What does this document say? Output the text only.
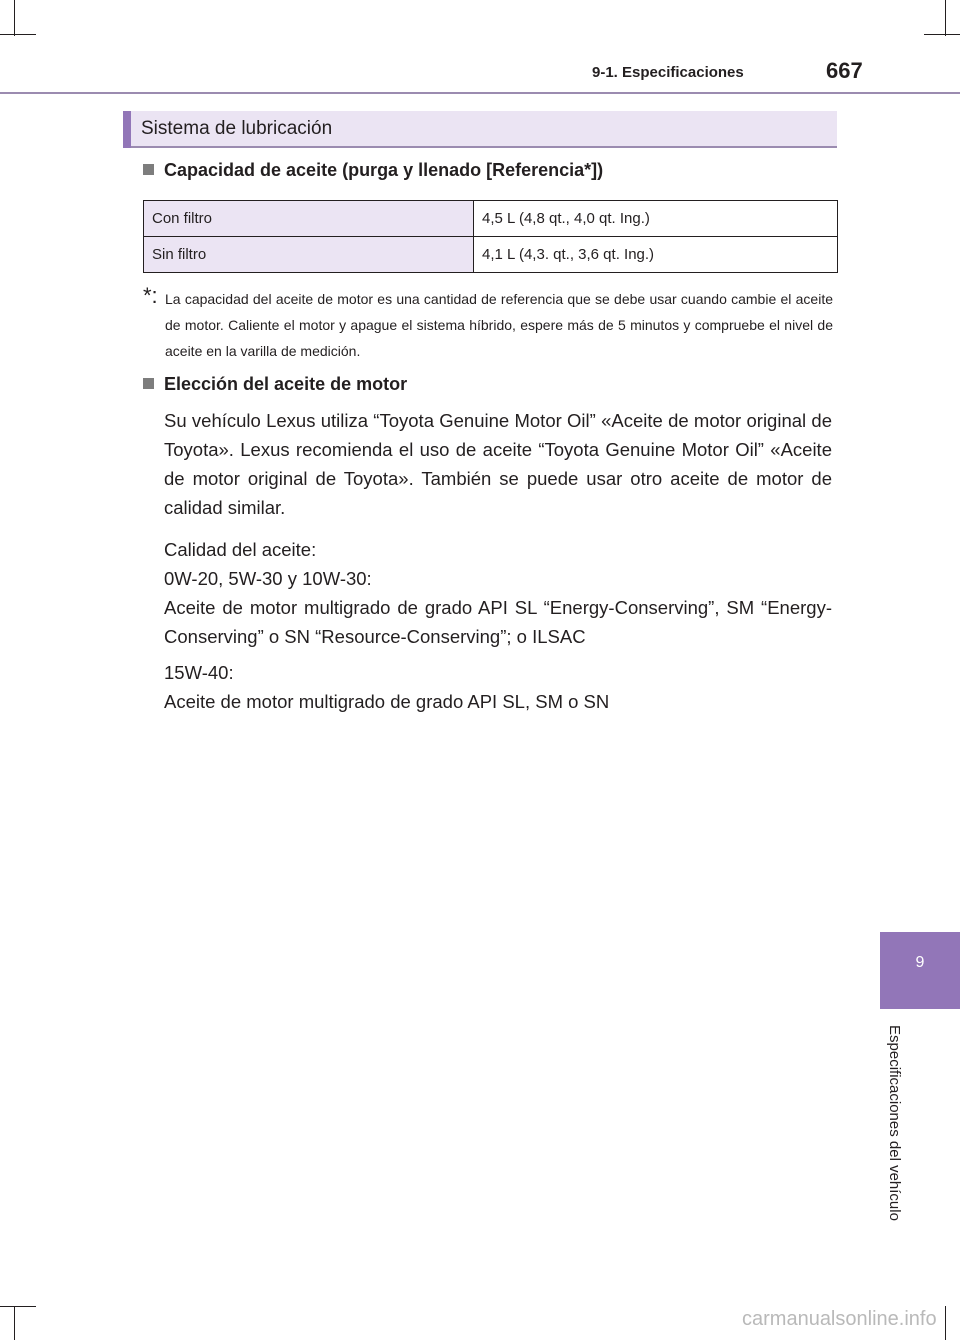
9-1. Especificaciones	667
Sistema de lubricación
Capacidad de aceite (purga y llenado [Referencia*])
Con filtro	4,5 L (4,8 qt., 4,0 qt. Ing.)
Sin filtro	4,1 L (4,3. qt., 3,6 qt. Ing.)
*: La capacidad del aceite de motor es una cantidad de referencia que se debe usar cuando cambie el aceite de motor. Caliente el motor y apague el sistema híbrido, espere más de 5 minutos y compruebe el nivel de aceite en la varilla de medición.
Elección del aceite de motor
Su vehículo Lexus utiliza “Toyota Genuine Motor Oil” «Aceite de motor original de Toyota». Lexus recomienda el uso de aceite “Toyota Genuine Motor Oil” «Aceite de motor original de Toyota». También se puede usar otro aceite de motor de calidad similar.
Calidad del aceite:
0W-20, 5W-30 y 10W-30:
Aceite de motor multigrado de grado API SL “Energy-Conserving”, SM “Energy-Conserving” o SN “Resource-Conserving”; o ILSAC
15W-40:
Aceite de motor multigrado de grado API SL, SM o SN
9
Especificaciones del vehículo
carmanualsonline.info
